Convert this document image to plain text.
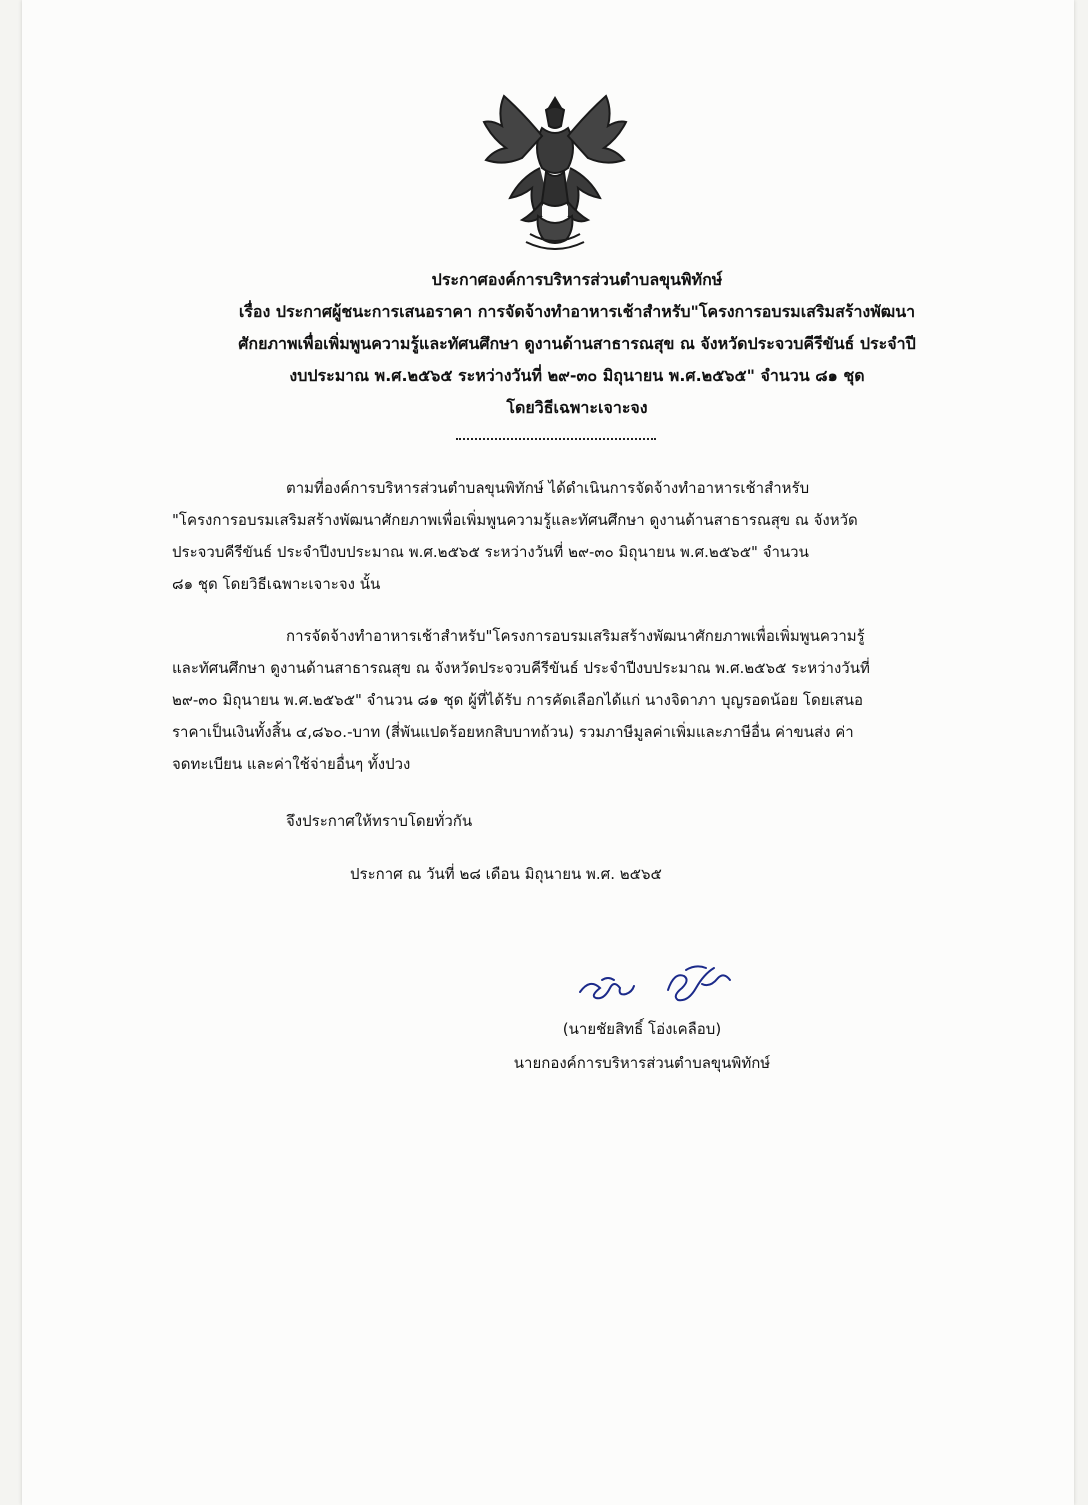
ประกาศองค์การบริหารส่วนตำบลขุนพิทักษ์
เรื่อง ประกาศผู้ชนะการเสนอราคา การจัดจ้างทำอาหารเช้าสำหรับ"โครงการอบรมเสริมสร้างพัฒนา
ศักยภาพเพื่อเพิ่มพูนความรู้และทัศนศึกษา ดูงานด้านสาธารณสุข ณ จังหวัดประจวบคีรีขันธ์ ประจำปี
งบประมาณ พ.ศ.๒๕๖๕ ระหว่างวันที่ ๒๙-๓๐ มิถุนายน พ.ศ.๒๕๖๕" จำนวน ๘๑ ชุด
โดยวิธีเฉพาะเจาะจง
ตามที่องค์การบริหารส่วนตำบลขุนพิทักษ์ ได้ดำเนินการจัดจ้างทำอาหารเช้าสำหรับ
"โครงการอบรมเสริมสร้างพัฒนาศักยภาพเพื่อเพิ่มพูนความรู้และทัศนศึกษา ดูงานด้านสาธารณสุข ณ จังหวัด
ประจวบคีรีขันธ์ ประจำปีงบประมาณ พ.ศ.๒๕๖๕ ระหว่างวันที่ ๒๙-๓๐ มิถุนายน พ.ศ.๒๕๖๕" จำนวน
๘๑ ชุด โดยวิธีเฉพาะเจาะจง นั้น
การจัดจ้างทำอาหารเช้าสำหรับ"โครงการอบรมเสริมสร้างพัฒนาศักยภาพเพื่อเพิ่มพูนความรู้
และทัศนศึกษา ดูงานด้านสาธารณสุข ณ จังหวัดประจวบคีรีขันธ์ ประจำปีงบประมาณ พ.ศ.๒๕๖๕ ระหว่างวันที่
๒๙-๓๐ มิถุนายน พ.ศ.๒๕๖๕" จำนวน ๘๑ ชุด ผู้ที่ได้รับ การคัดเลือกได้แก่ นางจิดาภา บุญรอดน้อย โดยเสนอ
ราคาเป็นเงินทั้งสิ้น ๔,๘๖๐.-บาท (สี่พันแปดร้อยหกสิบบาทถ้วน) รวมภาษีมูลค่าเพิ่มและภาษีอื่น ค่าขนส่ง ค่า
จดทะเบียน และค่าใช้จ่ายอื่นๆ ทั้งปวง
จึงประกาศให้ทราบโดยทั่วกัน
ประกาศ ณ วันที่ ๒๘ เดือน มิถุนายน พ.ศ. ๒๕๖๕
(นายชัยสิทธิ์ โอ่งเคลือบ)
นายกองค์การบริหารส่วนตำบลขุนพิทักษ์
